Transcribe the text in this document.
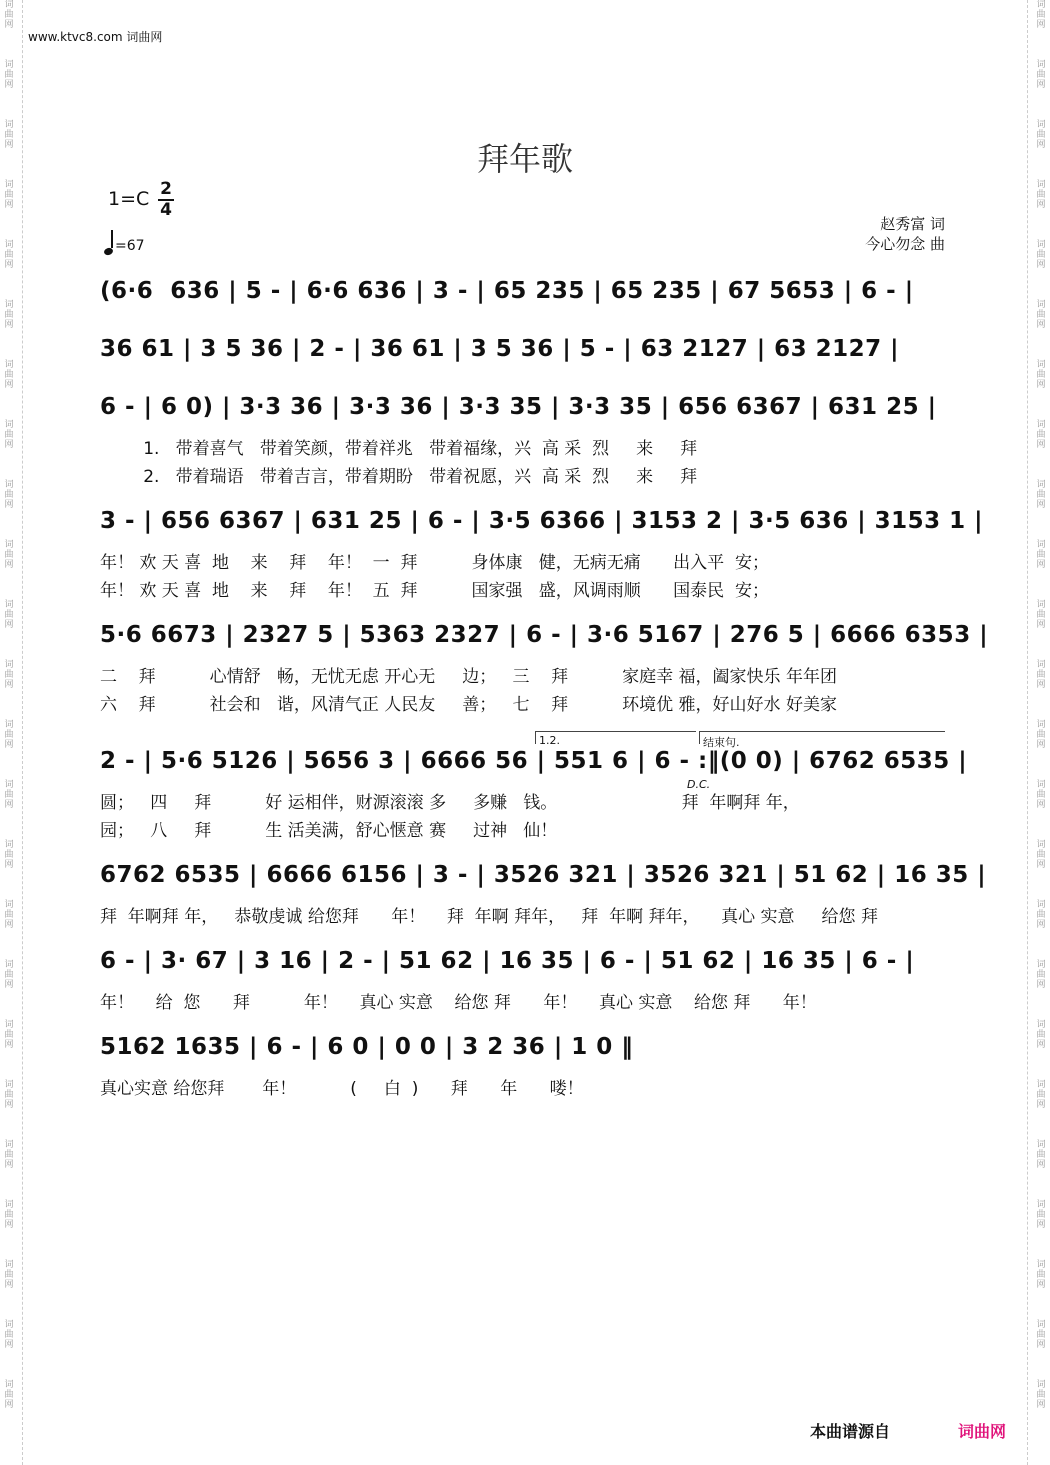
词
曲
网
词
曲
网
词
曲
网
词
曲
网
词
曲
网
词
曲
网
词
曲
网
词
曲
网
词
曲
网
词
曲
网
词
曲
网
词
曲
网
词
曲
网
词
曲
网
词
曲
网
词
曲
网
词
曲
网
词
曲
网
词
曲
网
词
曲
网
词
曲
网
词
曲
网
词
曲
网
词
曲
网
词
曲
网
词
曲
网
词
曲
网
词
曲
网
词
曲
网
词
曲
网
词
曲
网
词
曲
网
词
曲
网
词
曲
网
词
曲
网
词
曲
网
词
曲
网
词
曲
网
词
曲
网
词
曲
网
词
曲
网
词
曲
网
词
曲
网
词
曲
网
词
曲
网
词
曲
网
词
曲
网
词
曲
网
www.ktvc8.com 词曲网
拜年歌
$1=C \frac{2}{4}$
=67
赵秀富 词
今心勿念 曲
(6·6  636 | 5 - | 6·6 636 | 3 - | 65 235 | 65 235 | 67 5653 | 6 - |
36 61 | 3 5 36 | 2 - | 36 61 | 3 5 36 | 5 - | 63 2127 | 63 2127 |
6 - | 6 0) | 3·3 36 | 3·3 36 | 3·3 35 | 3·3 35 | 656 6367 | 631 25 |
1.   带着喜气   带着笑颜，带着祥兆   带着福缘，兴  高 采  烈     来     拜
2.   带着瑞语   带着吉言，带着期盼   带着祝愿，兴  高 采  烈     来     拜
3 - | 656 6367 | 631 25 | 6 - | 3·5 6366 | 3153 2 | 3·5 636 | 3153 1 |
年！ 欢 天 喜  地    来    拜    年！  一  拜          身体康   健，无病无痛      出入平  安；
年！ 欢 天 喜  地    来    拜    年！  五  拜          国家强   盛，风调雨顺      国泰民  安；
5·6 6673 | 2327 5 | 5363 2327 | 6 - | 3·6 5167 | 276 5 | 6666 6353 |
二    拜          心情舒   畅，无忧无虑 开心无     边；   三    拜          家庭幸 福，阖家快乐 年年团
六    拜          社会和   谐，风清气正 人民友     善；   七    拜          环境优 雅，好山好水 好美家
1.2.	结束句.
2 - | 5·6 5126 | 5656 3 | 6666 56 | 551 6 | 6 - :‖(0 0) | 6762 6535 |
D.C.
圆；   四     拜          好 运相伴，财源滚滚 多     多赚   钱。                       拜  年啊拜 年，
园；   八     拜          生 活美满，舒心惬意 赛     过神   仙！
6762 6535 | 6666 6156 | 3 - | 3526 321 | 3526 321 | 51 62 | 16 35 |
拜  年啊拜 年，   恭敬虔诚 给您拜      年！    拜  年啊 拜年，   拜  年啊 拜年，    真心 实意     给您 拜
6 - | 3· 67 | 3 16 | 2 - | 51 62 | 16 35 | 6 - | 51 62 | 16 35 | 6 - |
年！    给  您      拜          年！    真心 实意    给您 拜      年！    真心 实意    给您 拜      年！
5162 1635 | 6 - | 6 0 | 0 0 | 3 2 36 | 1 0 ‖
真心实意 给您拜       年！          (     白  )      拜      年      喽！
本曲谱源自	词曲网
